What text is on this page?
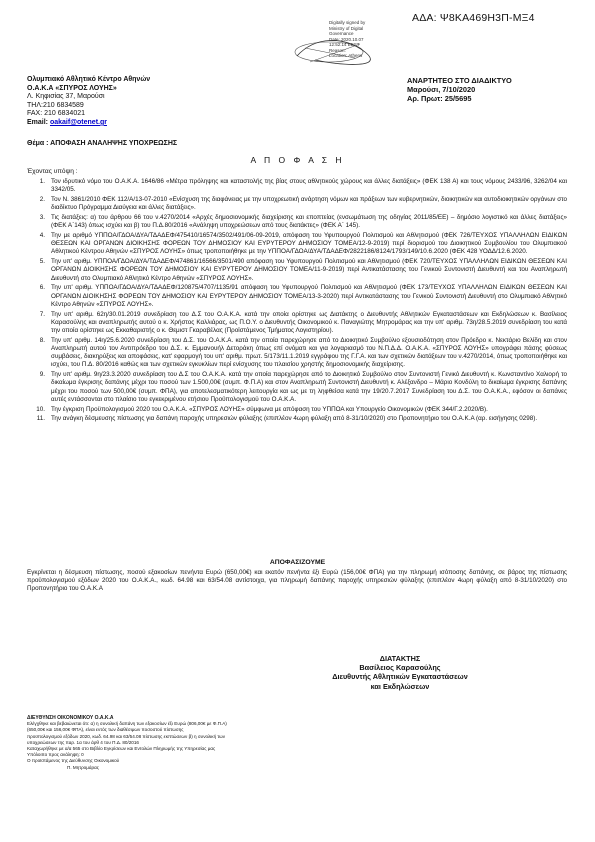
ΑΔΑ: Ψ8ΚΑ469Η3Π-ΜΞ4
Digitally signed by
Ministry of Digital
Governance
Date: 2020.10.07
12:52:14 EEST
Reason:
Location: Athens
ΑΝΑΡΤΗΤΕΟ ΣΤΟ ΔΙΑΔΙΚΤΥΟ
Μαρούσι, 7/10/2020
Αρ. Πρωτ: 25/5695
Ολυμπιακό Αθλητικό Κέντρο Αθηνών
Ο.Α.Κ.Α «ΣΠΥΡΟΣ ΛΟΥΗΣ»
Λ. Κηφισίας 37, Μαρούσι
ΤΗΛ:210 6834589
FAX: 210 6834021
Email: oakaif@otenet.gr
Θέμα : ΑΠΟΦΑΣΗ ΑΝΑΛΗΨΗΣ ΥΠΟΧΡΕΩΣΗΣ
Α Π Ο Φ Α Σ Η
Έχοντας υπόψη :
1. Τον ιδρυτικό νόμο του Ο.Α.Κ.Α. 1646/86 «Μέτρα πρόληψης και καταστολής της βίας στους αθλητικούς χώρους και άλλες διατάξεις» (ΦΕΚ 138 Α) και τους νόμους 2433/96, 3262/04 και 3342/05.
2. Τον Ν. 3861/2010 ΦΕΚ 112/Α/13-07-2010 «Ενίσχυση της διαφάνειας με την υποχρεωτική ανάρτηση νόμων και πράξεων των κυβερνητικών, διοικητικών και αυτοδιοικητικών οργάνων στο διαδίκτυο Πρόγραμμα Διαύγεια και άλλες διατάξεις».
3. Τις διατάξεις: α) του άρθρου 66 του ν.4270/2014 «Αρχές δημοσιονομικής διαχείρισης και εποπτείας (ενσωμάτωση της οδηγίας 2011/85/ΕΕ) – δημόσιο λογιστικό και άλλες διατάξεις» (ΦΕΚ Α΄143) όπως ισχύει και β) του Π.Δ.80/2016 «Ανάληψη υποχρεώσεων από τους διατάκτες» (ΦΕΚ Α΄ 145).
4. Την με αριθμό ΥΠΠΟΑ/ΓΔΟΑ/ΔΥΑ/ΤΔΑΔΕΦ/475410/16574/3502/491/06-09-2019, απόφαση του Υφυπουργού Πολιτισμού και Αθλητισμού (ΦΕΚ 726/ΤΕΥΧΟΣ ΥΠΑΛΛΗΛΩΝ ΕΙΔΙΚΩΝ ΘΕΣΕΩΝ ΚΑΙ ΟΡΓΑΝΩΝ ΔΙΟΙΚΗΣΗΣ ΦΟΡΕΩΝ ΤΟΥ ΔΗΜΟΣΙΟΥ ΚΑΙ ΕΥΡΥΤΕΡΟΥ ΔΗΜΟΣΙΟΥ ΤΟΜΕΑ/12-9-2019) περί διορισμού του Διοικητικού Συμβουλίου του Ολυμπιακού Αθλητικού Κέντρου Αθηνών «ΣΠΥΡΟΣ ΛΟΥΗΣ» όπως τροποποιήθηκε με την ΥΠΠΟΑ/ΓΔΟΑ/ΔΥΑ/ΤΔΑΔΕΦ/2822186/8124/1793/149/10.6.2020 (ΦΕΚ 428 ΥΟΔΔ/12.6.2020.
5. Την υπ' αριθμ. ΥΠΠΟΑ/ΓΔΟΑ/ΔΥΑ/ΤΔΑΔΕΦ/474861/16566/3501/490 απόφαση του Υφυπουργού Πολιτισμού και Αθλητισμού (ΦΕΚ 720/ΤΕΥΧΟΣ ΥΠΑΛΛΗΛΩΝ ΕΙΔΙΚΩΝ ΘΕΣΕΩΝ ΚΑΙ ΟΡΓΑΝΩΝ ΔΙΟΙΚΗΣΗΣ ΦΟΡΕΩΝ ΤΟΥ ΔΗΜΟΣΙΟΥ ΚΑΙ ΕΥΡΥΤΕΡΟΥ ΔΗΜΟΣΙΟΥ ΤΟΜΕΑ/11-9-2019) περί Αντικατάστασης του Γενικού Συντονιστή Διευθυντή και του Αναπληρωτή Διευθυντή στο Ολυμπιακό Αθλητικό Κέντρο Αθηνών «ΣΠΥΡΟΣ ΛΟΥΗΣ».
6. Την υπ' αριθμ. ΥΠΠΟΑ/ΓΔΟΑ/ΔΥΑ/ΤΔΑΔΕΦ/120875/4707/1135/91 απόφαση του Υφυπουργού Πολιτισμού και Αθλητισμού (ΦΕΚ 173/ΤΕΥΧΟΣ ΥΠΑΛΛΗΛΩΝ ΕΙΔΙΚΩΝ ΘΕΣΕΩΝ ΚΑΙ ΟΡΓΑΝΩΝ ΔΙΟΙΚΗΣΗΣ ΦΟΡΕΩΝ ΤΟΥ ΔΗΜΟΣΙΟΥ ΚΑΙ ΕΥΡΥΤΕΡΟΥ ΔΗΜΟΣΙΟΥ ΤΟΜΕΑ/13-3-2020) περί Αντικατάστασης του Γενικού Συντονιστή Διευθυντή στο Ολυμπιακό Αθλητικό Κέντρο Αθηνών «ΣΠΥΡΟΣ ΛΟΥΗΣ».
7. Την υπ' αριθμ. 62η/30.01.2019 συνεδρίαση του Δ.Σ του Ο.Α.Κ.Α. κατά την οποία ορίστηκε ως Διατάκτης ο Διευθυντής Αθλητικών Εγκαταστάσεων και Εκδηλώσεων κ. Βασίλειος Καρασούλης και αναπληρωτής αυτού ο κ. Χρήστος Καλλιάρας, ως Π.Ο.Υ. ο Διευθυντής Οικονομικού κ. Παναγιώτης Μητρομάρας και την υπ' αριθμ. 73η/28.5.2019 συνεδρίαση του κατά την οποία ορίστηκε ως Εκκαθαριστής ο κ. Θεμιστ Γκαραβέλας (Προϊστάμενος Τμήματος Λογιστηρίου).
8. Την υπ' αριθμ. 14η/25.6.2020 συνεδρίαση του Δ.Σ. του Ο.Α.Κ.Α. κατά την οποία παρεχώρησε από το Διοικητικό Συμβούλιο εξουσιοδότηση στον Πρόεδρο κ. Νεκτάριο Βελίδη και στον Αναπληρωτή αυτού τον Αντιπρόεδρο του Δ.Σ. κ. Εμμανουήλ Δετοράκη όπως επί ονόματι και για λογαριασμό του Ν.Π.Δ.Δ. Ο.Α.Κ.Α. «ΣΠΥΡΟΣ ΛΟΥΗΣ» υπογράφει πάσης φύσεως συμβάσεις, διακηρύξεις και αποφάσεις, κατ' εφαρμογή του υπ' αριθμ. πρωτ. 5/173/11.1.2019 εγγράφου της Γ.Γ.Α. και των σχετικών διατάξεων του ν.4270/2014, όπως τροποποιήθηκε και ισχύει, του Π.Δ. 80/2016 καθώς και των σχετικών εγκυκλίων περί ενίσχυσης του πλαισίου χρηστής δημοσιονομικής διαχείρισης.
9. Την υπ' αριθμ. 9η/23.3.2020 συνεδρίαση του Δ.Σ του Ο.Α.Κ.Α. κατά την οποία παρεχώρησε από το Διοικητικό Συμβούλιο στον Συντονιστή Γενικό Διευθυντή κ. Κωνσταντίνο Χαλιορή το δικαίωμα έγκρισης δαπάνης μέχρι του ποσού των 1.500,00€ (συμπ. Φ.Π.Α) και στον Αναπληρωτή Συντονιστή Διευθυντή κ. Αλέξανδρο – Μάριο Κονδύλη το δικαίωμα έγκρισης δαπάνης μέχρι του ποσού των 500,00€ (συμπ. ΦΠΑ), για αποτελεσματικότερη λειτουργία και ως με τη ληφθείσα κατά την 19/20.7.2017 Συνεδρίαση του Δ.Σ. του Ο.Α.Κ.Α., εφόσον οι δαπάνες αυτές εντάσσονται στο πλαίσιο του εγκεκριμένου ετήσιου Προϋπολογισμού του Ο.Α.Κ.Α.
10. Την έγκριση Προϋπολογισμού 2020 του Ο.Α.Κ.Α. «ΣΠΥΡΟΣ ΛΟΥΗΣ» σύμφωνα με απόφαση του ΥΠΠΟΑ και Υπουργείο Οικονομικών (ΦΕΚ 344/Γ.2.2020/Β).
11. Την ανάγκη δέσμευσης πίστωσης για δαπάνη παροχής υπηρεσιών φύλαξης (επιπλέον 4ωρη φύλαξη από 8-31/10/2020) στο Προπονητήριο του Ο.Α.Κ.Α (αρ. εισήγησης 0298).
ΑΠΟΦΑΣΙΖΟΥΜΕ
Εγκρίνεται η δέσμευση πίστωσης, ποσού εξακοσίων πενήντα Ευρώ (650,00€) και εκατόν πενήντα έξι Ευρώ (156,00€ ΦΠΑ) για την πληρωμή ισόποσης δαπάνης, σε βάρος της πίστωσης προϋπολογισμού εξόδων 2020 του Ο.Α.Κ.Α., κωδ. 64.98 και 63/54.08 αντίστοιχα, για πληρωμή δαπάνης παροχής υπηρεσιών φύλαξης (επιπλέον 4ωρη φύλαξη από 8-31/10/2020) στο Προπονητήριο του Ο.Α.Κ.Α
ΔΙΑΤΑΚΤΗΣ
Βασίλειος Καρασούλης
Διευθυντής Αθλητικών Εγκαταστάσεων
και Εκδηλώσεων
ΔΙΕΥΘΥΝΣΗ ΟΙΚΟΝΟΜΙΚΟΥ Ο.Α.Κ.Α
Ελέγχθηκε και βεβαιώνεται ότι: α) η συνολική δαπάνη των εξακοσίων έξι Ευρώ (806,00€ με Φ.Π.Α)
(650,00€ και 156,00€ ΦΠΑ), είναι εντός των διαθέσιμων ποσοστού πίστωσης
προϋπολογισμού εξόδων 2020, κωδ. 64.98 και 63/54.08 πίστωσης εκπτώσεων β) η συνολική των
υποχρεώσεων της παρ. 1α του άρθ 4 του Π.Δ. 80/2016
Καταχωρήθηκε με α/α 565 στο Βιβλίο Εγκρίσεων και Εντολών Πληρωμής της Υπηρεσίας μας
Υπόλοιπο προς ανάληψη: 0
Ο προϊστάμενος της Διεύθυνσης Οικονομικού
Π. Μητρομάρας
